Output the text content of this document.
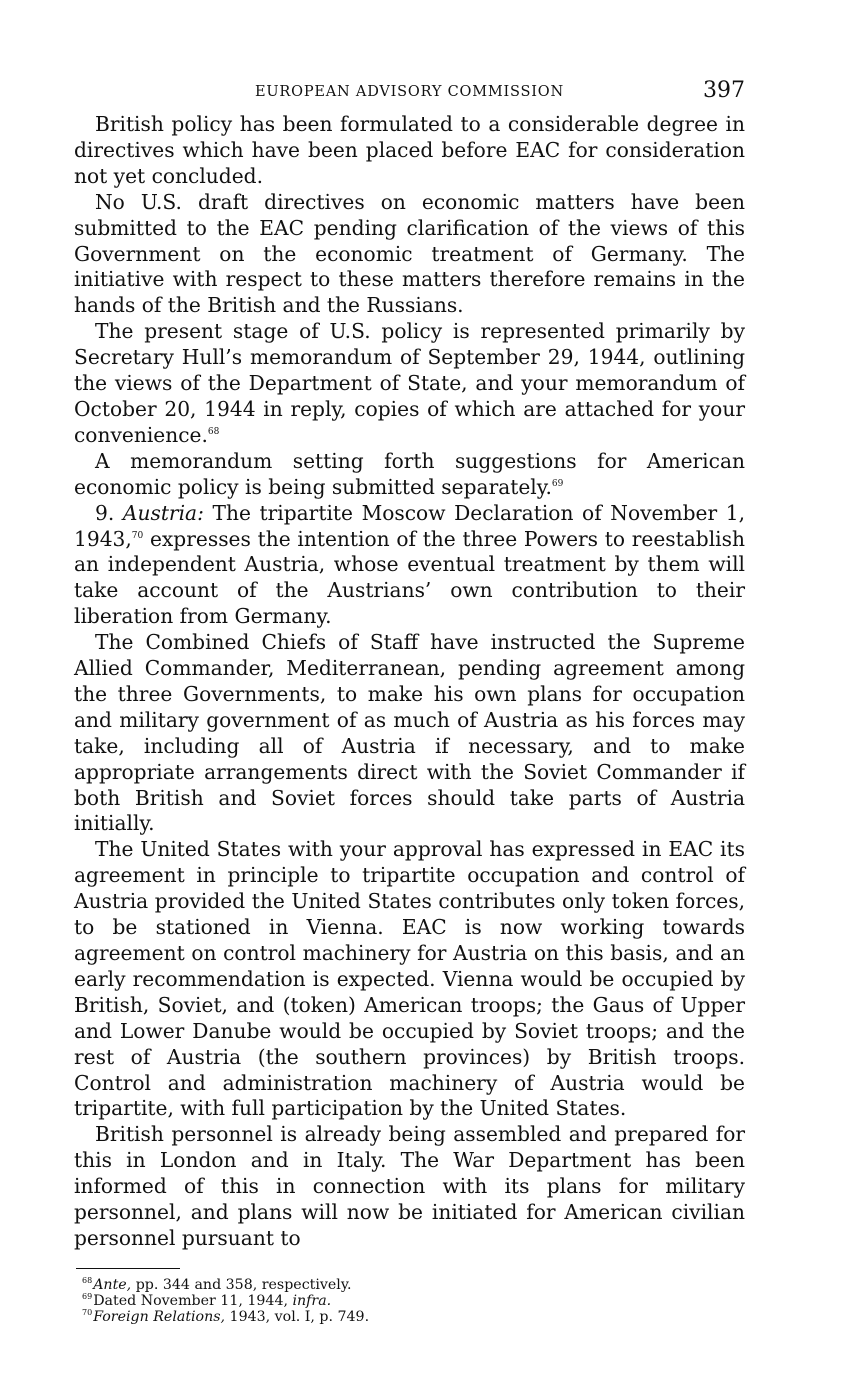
EUROPEAN ADVISORY COMMISSION	397

British policy has been formulated to a considerable degree in directives which have been placed before EAC for consideration not yet concluded.

No U.S. draft directives on economic matters have been submitted to the EAC pending clarification of the views of this Government on the economic treatment of Germany. The initiative with respect to these matters therefore remains in the hands of the British and the Russians.

The present stage of U.S. policy is represented primarily by Secretary Hull’s memorandum of September 29, 1944, outlining the views of the Department of State, and your memorandum of October 20, 1944 in reply, copies of which are attached for your convenience.$^{68}$

A memorandum setting forth suggestions for American economic policy is being submitted separately.$^{69}$

9. Austria: The tripartite Moscow Declaration of November 1, 1943,70 expresses the intention of the three Powers to reestablish an independent Austria, whose eventual treatment by them will take account of the Austrians’ own contribution to their liberation from Germany.

The Combined Chiefs of Staff have instructed the Supreme Allied Commander, Mediterranean, pending agreement among the three Governments, to make his own plans for occupation and military government of as much of Austria as his forces may take, including all of Austria if necessary, and to make appropriate arrangements direct with the Soviet Commander if both British and Soviet forces should take parts of Austria initially.

The United States with your approval has expressed in EAC its agreement in principle to tripartite occupation and control of Austria provided the United States contributes only token forces, to be stationed in Vienna. EAC is now working towards agreement on control machinery for Austria on this basis, and an early recommendation is expected. Vienna would be occupied by British, Soviet, and (token) American troops; the Gaus of Upper and Lower Danube would be occupied by Soviet troops; and the rest of Austria (the southern provinces) by British troops. Control and administration machinery of Austria would be tripartite, with full participation by the United States.

British personnel is already being assembled and prepared for this in London and in Italy. The War Department has been informed of this in connection with its plans for military personnel, and plans will now be initiated for American civilian personnel pursuant to

$^{68}$Ante, pp. 344 and 358, respectively.
$^{69}$Dated November 11, 1944, infra.
$^{70}$Foreign Relations, 1943, vol. I, p. 749.
